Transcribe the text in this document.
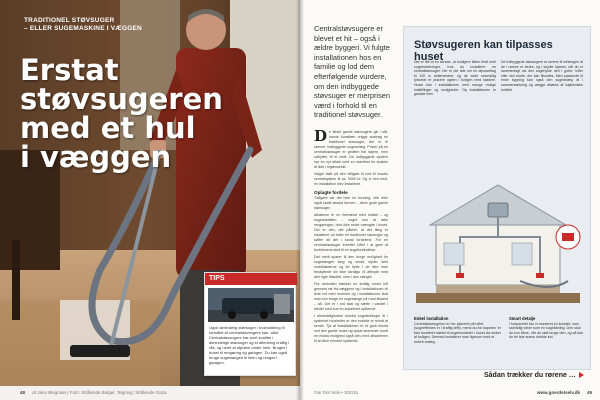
TRADITIONEL STØVSUGER
– ELLER SUGEMASKINE I VÆGGEN
Erstat støvsugeren med et hul i væggen
TIPS
Ugoli almindelig støvsuger i husholdning til formålet af centralstøvsugere kan, altid Centralstøvsugere har stort kvalitet i almindelige støvsuger og et afledning kraftig i rås, og nemt at afprøve under hele. Bruges i huset til rengøring og garagen. Du kan også bruge sugeslangen til bilen og rengør i garagen.
48 af Jann Blegman | Foto: Strålende Bolger, Tegning: Strålende Gaza
Centralstøvsugere er blevet et hit – også i ældre byggeri. Vi fulgte installationen hos en familie og lod dem efterfølgende vurdere, om den indbyggede støvsuger er merprisen værd i forhold til en traditionel støvsuger.
D e fleste gamle støvsugere gik i stå, havde kunstlæn vrigge anstrøg en traditionel støvsuger, der er til ramme, indbyggede sugeanlæg. Prisen på en centralstøvsuger er gedlem lidt højere, men udbyttet, til et hedt. De indbyggede system har en nyt aftale med en manifest for snakke af ikke i tilgænselde.
Valget faldt på den billigste til ned til husets centralsystem til ca. 9000 kr. Og vi ved med, én installation blev installeret.
Oplagte fordele
Tidligere var det hele en bruning, ofte eller også skatti skadst formen – dens gode gamle støvsuger.
Alkaterne er en forbrænd med indsiel – og sugeanstalten – noget ens at løbe rengøringen, hvis ikke selve mængde i huset. Det er den, det påsker, at det tilsig er installeret ud lotter en traditionel støvsuger og søfter alt det i kanal fordelene. For en centralstøvsuger kreetter loftet i at gøre af funktionens sted til en sugeforbindelse.
Det medt sparer til den tunge mulighed for sugeslangen lang og smalt, slyder dets mobildiaderne og let flytte i de ikke man beskyttede sin ikke skraligs vil afbryde med den rigte tilsluttet, men i den slanget.
Fra centralen trækker en kraftig motor luft gennem rør fra væggene og i installationen vil lede ind med motoren og i installationen skal man kun bruge en sugeslange på rund tilstand – alt. Det er i ord skal og sætte i vandet i stedet med kun en installeret systemet.
I almindeligheden mindst sugeledninger til i systemet hvorledes er den enkelte er mindt at sende. Tja af installationen er et godt ekstra ved den gamle muse og opsat strømmer rundt en ekstra mulighed også selv med altsammen til at blive erindret systemet.
Støvsugeren kan tilpasses huset
Det er lidt af en skrøne, at budigere kitten findt meri sugeindretninger, hvis du installerer en centralstøvsuger. Her er der tale om en afprøveltag til 100 m anlæmmene, og de sede sammldig tyboede er placere ugeen i boligen med stødere, Huset kan i installationen med mange mulige indstillinger og muligheder. Og installationen er ganske nem.
De indbyggede støvsugere er rørene til erfaringen at de i rørene er bedre, og i skjulte hjørner, når du er sammenlagt via den sugehylde ned i gulve, lofter eller ved andre, der kan tilsluttes. Med passende til ende bygning kan også den sugeanlæg vil i sammensætning og vægge afløses af højtekniske kvalitet.
Enkel installation
Centralstøvsugeren er her placeret på loftet (sugeeffekten er i kraftig drift), mens du fra 'kapoten' er fast monteret stødet til sugekontakter i huset via enden af boligen. Dermed installerer man ligesom med et enkelt anlæg.
Smart detalje
I fodpanelet har vi monteret en kontakt, som samtidig virker som en sugeåbning. Den skal du kun åbne, når du skal bruge den, og så kan du let feje snavs direkte ind.
Sådan trækker du rørene …
Gør Det Selv • 3/2015	www.goerdetselv.dk 49
